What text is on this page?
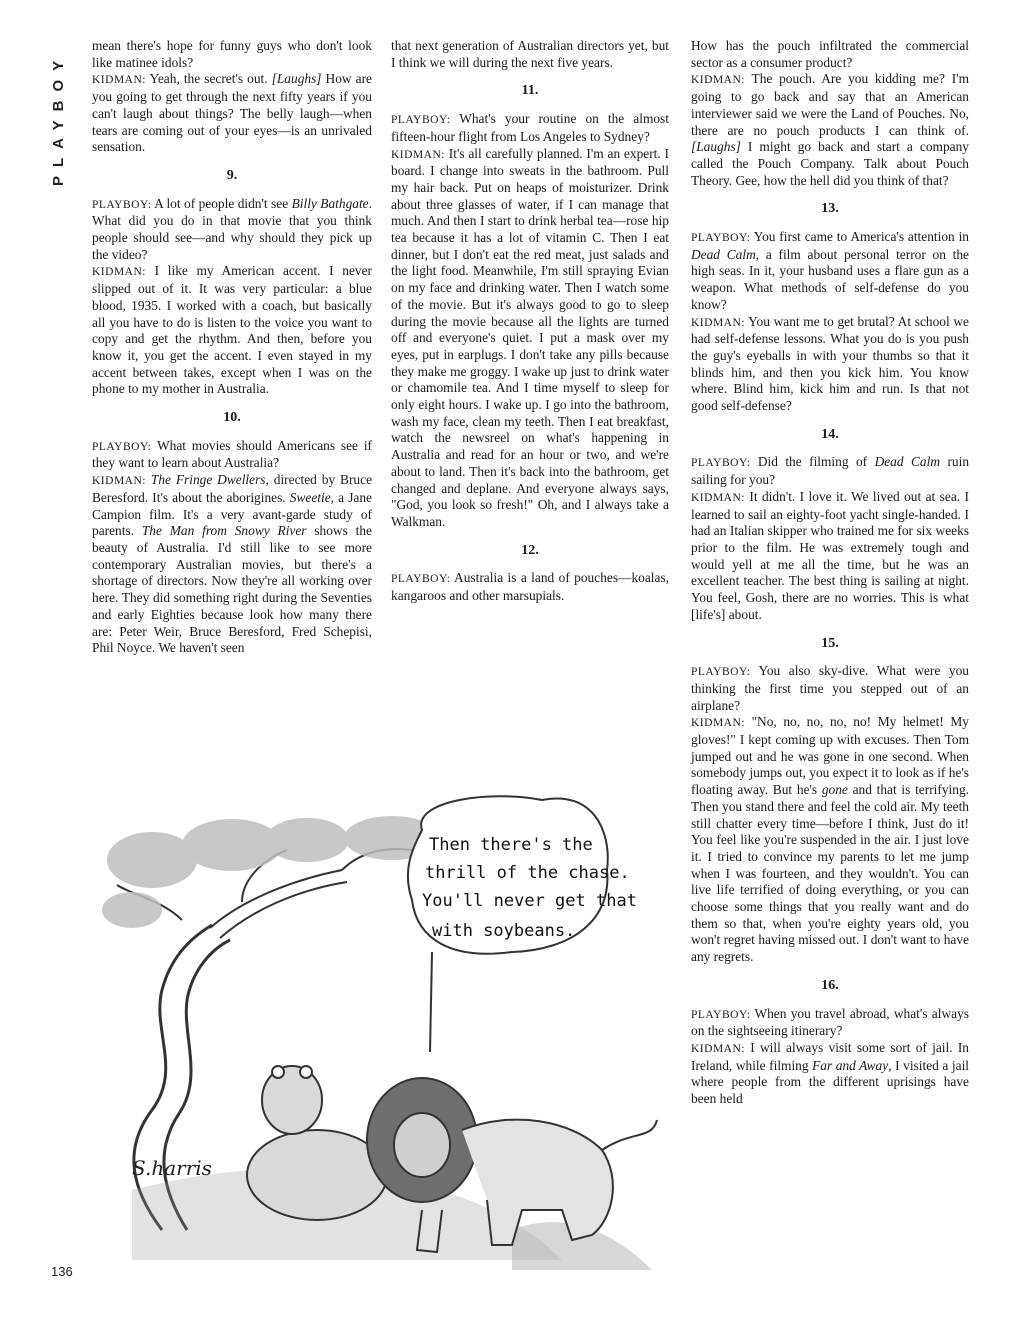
PLAYBOY

mean there's hope for funny guys who don't look like matinee idols?

KIDMAN: Yeah, the secret's out. [Laughs] How are you going to get through the next fifty years if you can't laugh about things? The belly laugh—when tears are coming out of your eyes—is an unrivaled sensation.

9.

PLAYBOY: A lot of people didn't see Billy Bathgate. What did you do in that movie that you think people should see—and why should they pick up the video?

KIDMAN: I like my American accent. I never slipped out of it. It was very particular: a blue blood, 1935. I worked with a coach, but basically all you have to do is listen to the voice you want to copy and get the rhythm. And then, before you know it, you get the accent. I even stayed in my accent between takes, except when I was on the phone to my mother in Australia.

10.

PLAYBOY: What movies should Americans see if they want to learn about Australia?

KIDMAN: The Fringe Dwellers, directed by Bruce Beresford. It's about the aborigines. Sweetie, a Jane Campion film. It's a very avant-garde study of parents. The Man from Snowy River shows the beauty of Australia. I'd still like to see more contemporary Australian movies, but there's a shortage of directors. Now they're all working over here. They did something right during the Seventies and early Eighties because look how many there are: Peter Weir, Bruce Beresford, Fred Schepisi, Phil Noyce. We haven't seen

that next generation of Australian directors yet, but I think we will during the next five years.

11.

PLAYBOY: What's your routine on the almost fifteen-hour flight from Los Angeles to Sydney?

KIDMAN: It's all carefully planned. I'm an expert. I board. I change into sweats in the bathroom. Pull my hair back. Put on heaps of moisturizer. Drink about three glasses of water, if I can manage that much. And then I start to drink herbal tea—rose hip tea because it has a lot of vitamin C. Then I eat dinner, but I don't eat the red meat, just salads and the light food. Meanwhile, I'm still spraying Evian on my face and drinking water. Then I watch some of the movie. But it's always good to go to sleep during the movie because all the lights are turned off and everyone's quiet. I put a mask over my eyes, put in earplugs. I don't take any pills because they make me groggy. I wake up just to drink water or chamomile tea. And I time myself to sleep for only eight hours. I wake up. I go into the bathroom, wash my face, clean my teeth. Then I eat breakfast, watch the newsreel on what's happening in Australia and read for an hour or two, and we're about to land. Then it's back into the bathroom, get changed and deplane. And everyone always says, "God, you look so fresh!" Oh, and I always take a Walkman.

12.

PLAYBOY: Australia is a land of pouches—koalas, kangaroos and other marsupials.

How has the pouch infiltrated the commercial sector as a consumer product?

KIDMAN: The pouch. Are you kidding me? I'm going to go back and say that an American interviewer said we were the Land of Pouches. No, there are no pouch products I can think of. [Laughs] I might go back and start a company called the Pouch Company. Talk about Pouch Theory. Gee, how the hell did you think of that?

13.

PLAYBOY: You first came to America's attention in Dead Calm, a film about personal terror on the high seas. In it, your husband uses a flare gun as a weapon. What methods of self-defense do you know?

KIDMAN: You want me to get brutal? At school we had self-defense lessons. What you do is you push the guy's eyeballs in with your thumbs so that it blinds him, and then you kick him. You know where. Blind him, kick him and run. Is that not good self-defense?

14.

PLAYBOY: Did the filming of Dead Calm ruin sailing for you?

KIDMAN: It didn't. I love it. We lived out at sea. I learned to sail an eighty-foot yacht single-handed. I had an Italian skipper who trained me for six weeks prior to the film. He was extremely tough and would yell at me all the time, but he was an excellent teacher. The best thing is sailing at night. You feel, Gosh, there are no worries. This is what [life's] about.

15.

PLAYBOY: You also sky-dive. What were you thinking the first time you stepped out of an airplane?

KIDMAN: "No, no, no, no, no! My helmet! My gloves!" I kept coming up with excuses. Then Tom jumped out and he was gone in one second. When somebody jumps out, you expect it to look as if he's floating away. But he's gone and that is terrifying. Then you stand there and feel the cold air. My teeth still chatter every time—before I think, Just do it! You feel like you're suspended in the air. I just love it. I tried to convince my parents to let me jump when I was fourteen, and they wouldn't. You can live life terrified of doing everything, or you can choose some things that you really want and do them so that, when you're eighty years old, you won't regret having missed out. I don't want to have any regrets.

16.

PLAYBOY: When you travel abroad, what's always on the sightseeing itinerary?

KIDMAN: I will always visit some sort of jail. In Ireland, while filming Far and Away, I visited a jail where people from the different uprisings have been held

Then there's the
thrill of the chase.
You'll never get that
with soybeans.
S.harris
136
